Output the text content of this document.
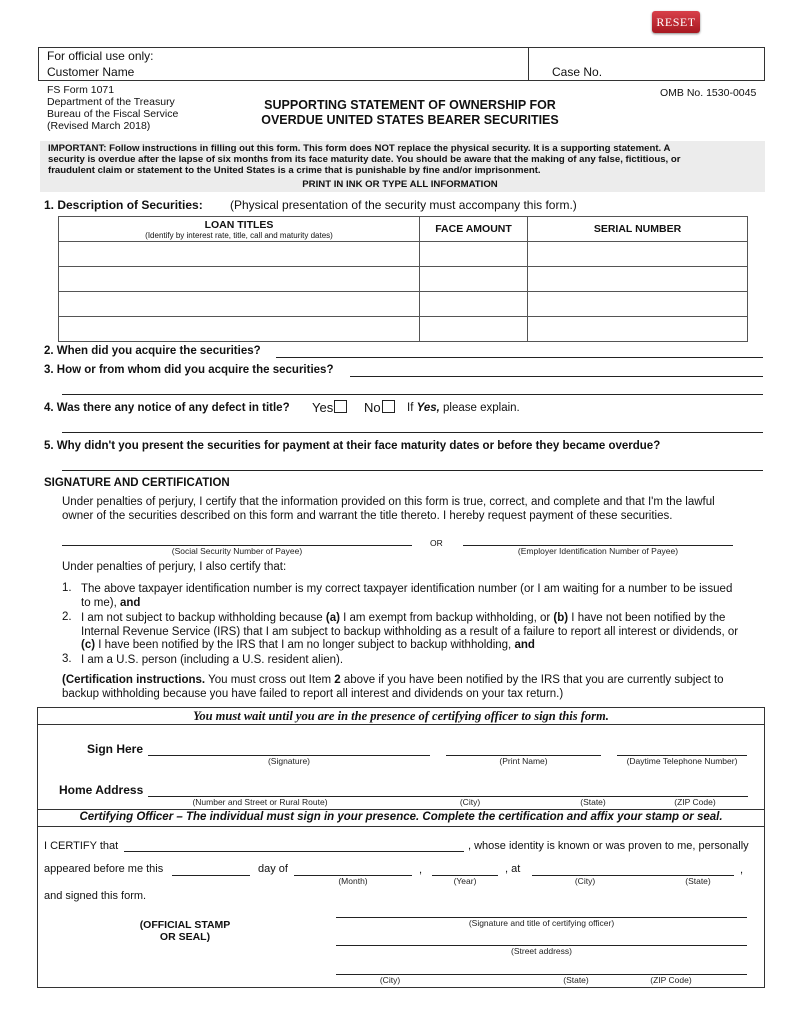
RESET
For official use only:
Customer Name	Case No.
FS Form 1071
Department of the Treasury
Bureau of the Fiscal Service
(Revised March 2018)
SUPPORTING STATEMENT OF OWNERSHIP FOR
OVERDUE UNITED STATES BEARER SECURITIES
OMB No. 1530-0045
IMPORTANT: Follow instructions in filling out this form. This form does NOT replace the physical security. It is a supporting statement. A
security is overdue after the lapse of six months from its face maturity date. You should be aware that the making of any false, fictitious, or
fraudulent claim or statement to the United States is a crime that is punishable by fine and/or imprisonment.
PRINT IN INK OR TYPE ALL INFORMATION
1. Description of Securities: (Physical presentation of the security must accompany this form.)
LOAN TITLES
(Identify by interest rate, title, call and maturity dates)	FACE AMOUNT	SERIAL NUMBER

2. When did you acquire the securities?
3. How or from whom did you acquire the securities?
4. Was there any notice of any defect in title? Yes	No	If Yes, please explain.
5. Why didn't you present the securities for payment at their face maturity dates or before they became overdue?
SIGNATURE AND CERTIFICATION
Under penalties of perjury, I certify that the information provided on this form is true, correct, and complete and that I'm the lawful
owner of the securities described on this form and warrant the title thereto. I hereby request payment of these securities.
(Social Security Number of Payee)
OR
(Employer Identification Number of Payee)
Under penalties of perjury, I also certify that:
1. The above taxpayer identification number is my correct taxpayer identification number (or I am waiting for a number to be issued
to me), and
2. I am not subject to backup withholding because (a) I am exempt from backup withholding, or (b) I have not been notified by the
Internal Revenue Service (IRS) that I am subject to backup withholding as a result of a failure to report all interest or dividends, or
(c) I have been notified by the IRS that I am no longer subject to backup withholding, and
3. I am a U.S. person (including a U.S. resident alien).
(Certification instructions. You must cross out Item 2 above if you have been notified by the IRS that you are currently subject to
backup withholding because you have failed to report all interest and dividends on your tax return.)
You must wait until you are in the presence of certifying officer to sign this form.
Sign Here
(Signature)	(Print Name)	(Daytime Telephone Number)
Home Address
(Number and Street or Rural Route)	(City)	(State)	(ZIP Code)
Certifying Officer – The individual must sign in your presence. Complete the certification and affix your stamp or seal.
I CERTIFY that	, whose identity is known or was proven to me, personally
appeared before me this	day of
(Month)
,
(Year)
, at
(City)	(State)
,
and signed this form.
(OFFICIAL STAMP
OR SEAL)
(Signature and title of certifying officer)
(Street address)
(City)	(State)	(ZIP Code)
